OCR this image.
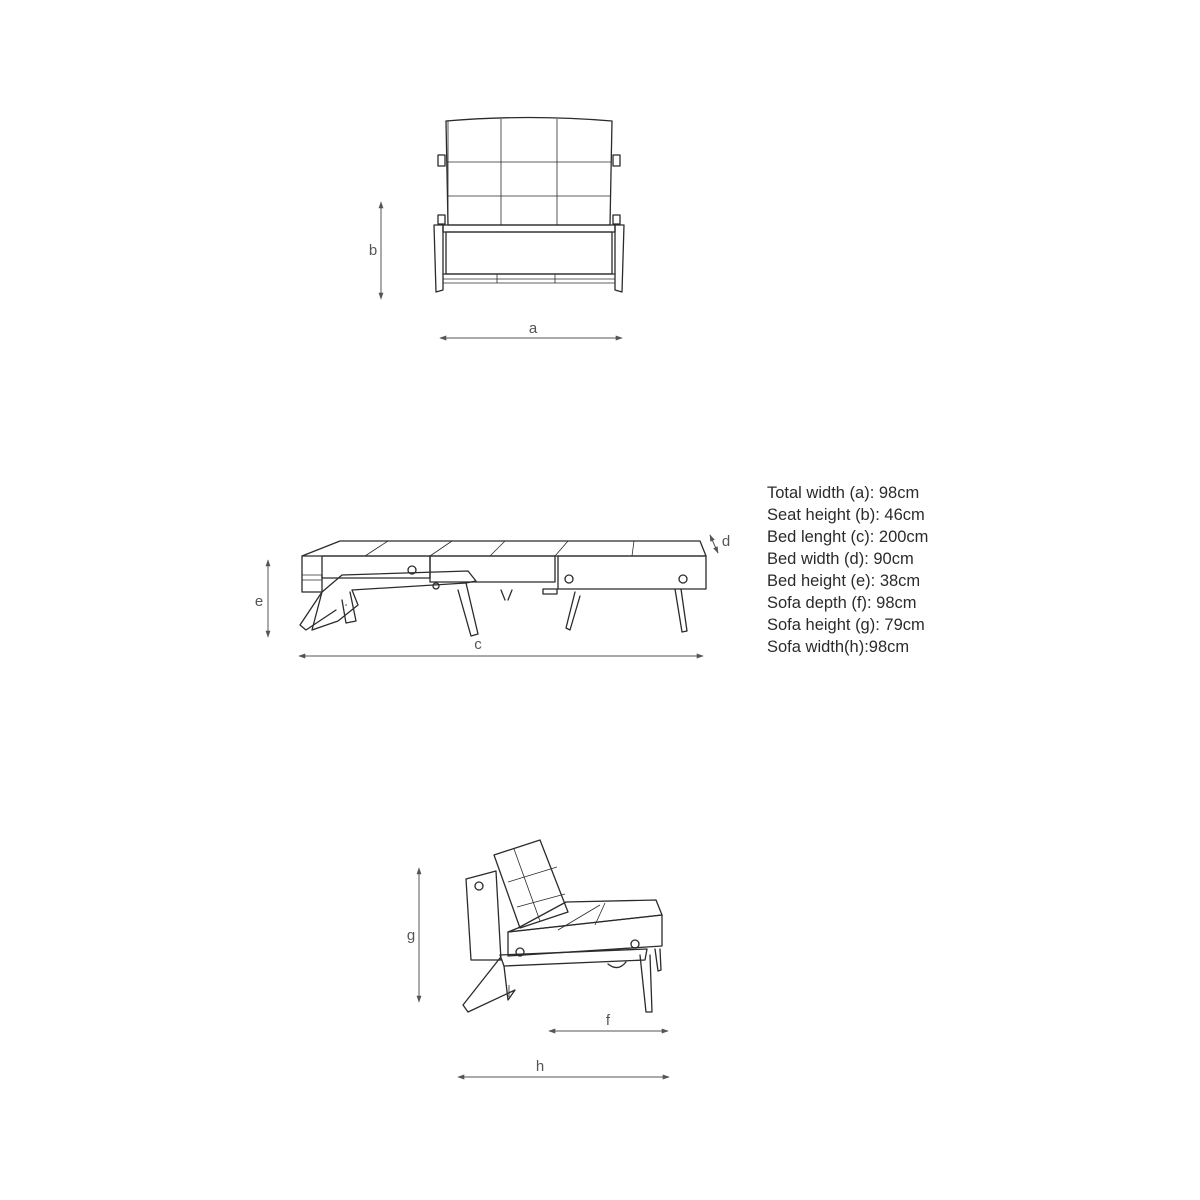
a
b
c
d
e
f
g
h
Total width (a): 98cm
Seat height (b): 46cm
Bed lenght (c): 200cm
Bed width (d): 90cm
Bed height (e): 38cm
Sofa depth (f): 98cm
Sofa height (g): 79cm
Sofa width(h):98cm
